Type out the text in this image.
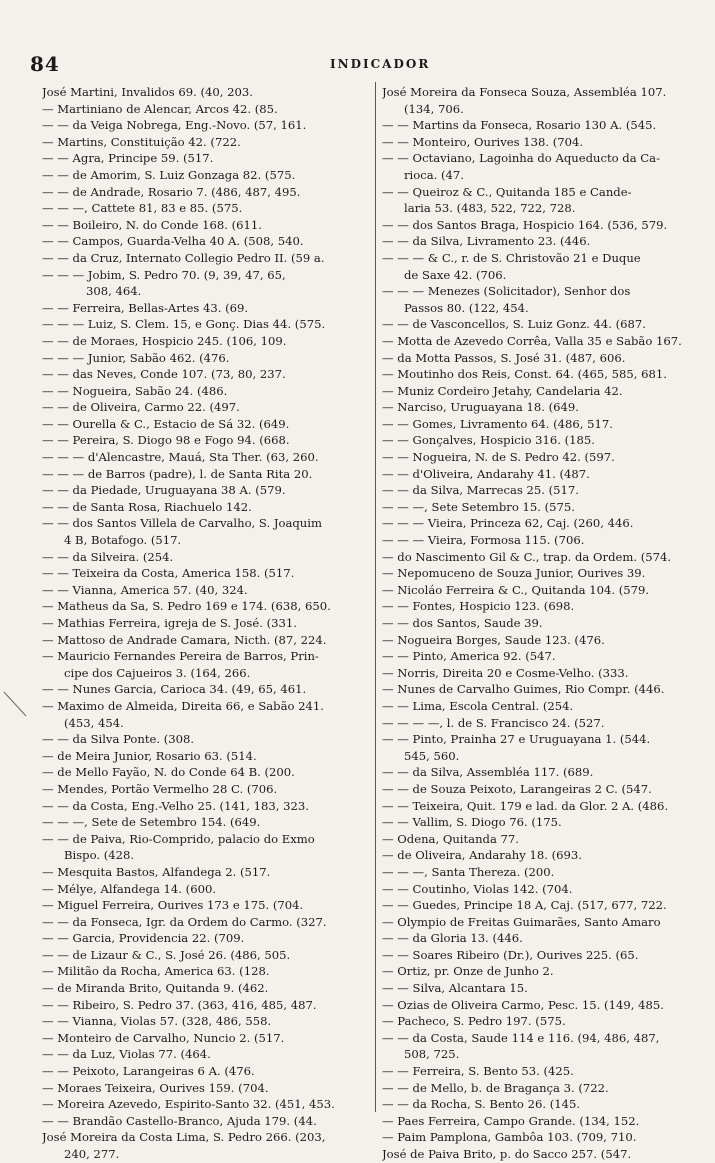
84	INDICADOR
José Martini, Invalidos 69. (40, 203.
— Martiniano de Alencar, Arcos 42. (85.
— — da Veiga Nobrega, Eng.-Novo. (57, 161.
— Martins, Constituição 42. (722.
— — Agra, Principe 59. (517.
— — de Amorim, S. Luiz Gonzaga 82. (575.
— — de Andrade, Rosario 7. (486, 487, 495.
— — —, Cattete 81, 83 e 85. (575.
— — Boileiro, N. do Conde 168. (611.
— — Campos, Guarda-Velha 40 A. (508, 540.
— — da Cruz, Internato Collegio Pedro II. (59 a.
— — — Jobim, S. Pedro 70. (9, 39, 47, 65,
308, 464.
— — Ferreira, Bellas-Artes 43. (69.
— — — Luiz, S. Clem. 15, e Gonç. Dias 44. (575.
— — de Moraes, Hospicio 245. (106, 109.
— — — Junior, Sabão 462. (476.
— — das Neves, Conde 107. (73, 80, 237.
— — Nogueira, Sabão 24. (486.
— — de Oliveira, Carmo 22. (497.
— — Ourella & C., Estacio de Sá 32. (649.
— — Pereira, S. Diogo 98 e Fogo 94. (668.
— — — d'Alencastre, Mauá, Sta Ther. (63, 260.
— — — de Barros (padre), l. de Santa Rita 20.
— — da Piedade, Uruguayana 38 A. (579.
— — de Santa Rosa, Riachuelo 142.
— — dos Santos Villela de Carvalho, S. Joaquim
4 B, Botafogo. (517.
— — da Silveira. (254.
— — Teixeira da Costa, America 158. (517.
— — Vianna, America 57. (40, 324.
— Matheus da Sa, S. Pedro 169 e 174. (638, 650.
— Mathias Ferreira, igreja de S. José. (331.
— Mattoso de Andrade Camara, Nicth. (87, 224.
— Mauricio Fernandes Pereira de Barros, Prin-
cipe dos Cajueiros 3. (164, 266.
— — Nunes Garcia, Carioca 34. (49, 65, 461.
— Maximo de Almeida, Direita 66, e Sabão 241.
(453, 454.
— — da Silva Ponte. (308.
— de Meira Junior, Rosario 63. (514.
— de Mello Fayão, N. do Conde 64 B. (200.
— Mendes, Portão Vermelho 28 C. (706.
— — da Costa, Eng.-Velho 25. (141, 183, 323.
— — —, Sete de Setembro 154. (649.
— — de Paiva, Rio-Comprido, palacio do Exmo
Bispo. (428.
— Mesquita Bastos, Alfandega 2. (517.
— Mélye, Alfandega 14. (600.
— Miguel Ferreira, Ourives 173 e 175. (704.
— — da Fonseca, Igr. da Ordem do Carmo. (327.
— — Garcia, Providencia 22. (709.
— — de Lizaur & C., S. José 26. (486, 505.
— Militão da Rocha, America 63. (128.
— de Miranda Brito, Quitanda 9. (462.
— — Ribeiro, S. Pedro 37. (363, 416, 485, 487.
— — Vianna, Violas 57. (328, 486, 558.
— Monteiro de Carvalho, Nuncio 2. (517.
— — da Luz, Violas 77. (464.
— — Peixoto, Larangeiras 6 A. (476.
— Moraes Teixeira, Ourives 159. (704.
— Moreira Azevedo, Espirito-Santo 32. (451, 453.
— — Brandão Castello-Branco, Ajuda 179. (44.
José Moreira da Costa Lima, S. Pedro 266. (203,
240, 277.
José Moreira da Fonseca Souza, Assembléa 107.
(134, 706.
— — Martins da Fonseca, Rosario 130 A. (545.
— — Monteiro, Ourives 138. (704.
— — Octaviano, Lagoinha do Aqueducto da Ca-
rioca. (47.
— — Queiroz & C., Quitanda 185 e Cande-
laria 53. (483, 522, 722, 728.
— — dos Santos Braga, Hospicio 164. (536, 579.
— — da Silva, Livramento 23. (446.
— — — & C., r. de S. Christovão 21 e Duque
de Saxe 42. (706.
— — — Menezes (Solicitador), Senhor dos
Passos 80. (122, 454.
— — de Vasconcellos, S. Luiz Gonz. 44. (687.
— Motta de Azevedo Corrêa, Valla 35 e Sabão 167.
— da Motta Passos, S. José 31. (487, 606.
— Moutinho dos Reis, Const. 64. (465, 585, 681.
— Muniz Cordeiro Jetahy, Candelaria 42.
— Narciso, Uruguayana 18. (649.
— — Gomes, Livramento 64. (486, 517.
— — Gonçalves, Hospicio 316. (185.
— — Nogueira, N. de S. Pedro 42. (597.
— — d'Oliveira, Andarahy 41. (487.
— — da Silva, Marrecas 25. (517.
— — —, Sete Setembro 15. (575.
— — — Vieira, Princeza 62, Caj. (260, 446.
— — — Vieira, Formosa 115. (706.
— do Nascimento Gil & C., trap. da Ordem. (574.
— Nepomuceno de Souza Junior, Ourives 39.
— Nicoláo Ferreira & C., Quitanda 104. (579.
— — Fontes, Hospicio 123. (698.
— — dos Santos, Saude 39.
— Nogueira Borges, Saude 123. (476.
— — Pinto, America 92. (547.
— Norris, Direita 20 e Cosme-Velho. (333.
— Nunes de Carvalho Guimes, Rio Compr. (446.
— — Lima, Escola Central. (254.
— — — —, l. de S. Francisco 24. (527.
— — Pinto, Prainha 27 e Uruguayana 1. (544.
545, 560.
— — da Silva, Assembléa 117. (689.
— — de Souza Peixoto, Larangeiras 2 C. (547.
— — Teixeira, Quit. 179 e lad. da Glor. 2 A. (486.
— — Vallim, S. Diogo 76. (175.
— Odena, Quitanda 77.
— de Oliveira, Andarahy 18. (693.
— — —, Santa Thereza. (200.
— — Coutinho, Violas 142. (704.
— — Guedes, Principe 18 A, Caj. (517, 677, 722.
— Olympio de Freitas Guimarães, Santo Amaro
— — da Gloria 13. (446.
— — Soares Ribeiro (Dr.), Ourives 225. (65.
— Ortiz, pr. Onze de Junho 2.
— — Silva, Alcantara 15.
— Ozias de Oliveira Carmo, Pesc. 15. (149, 485.
— Pacheco, S. Pedro 197. (575.
— — da Costa, Saude 114 e 116. (94, 486, 487,
508, 725.
— — Ferreira, S. Bento 53. (425.
— — de Mello, b. de Bragança 3. (722.
— — da Rocha, S. Bento 26. (145.
— Paes Ferreira, Campo Grande. (134, 152.
— Paim Pamplona, Gambôa 103. (709, 710.
José de Paiva Brito, p. do Sacco 257. (547.
